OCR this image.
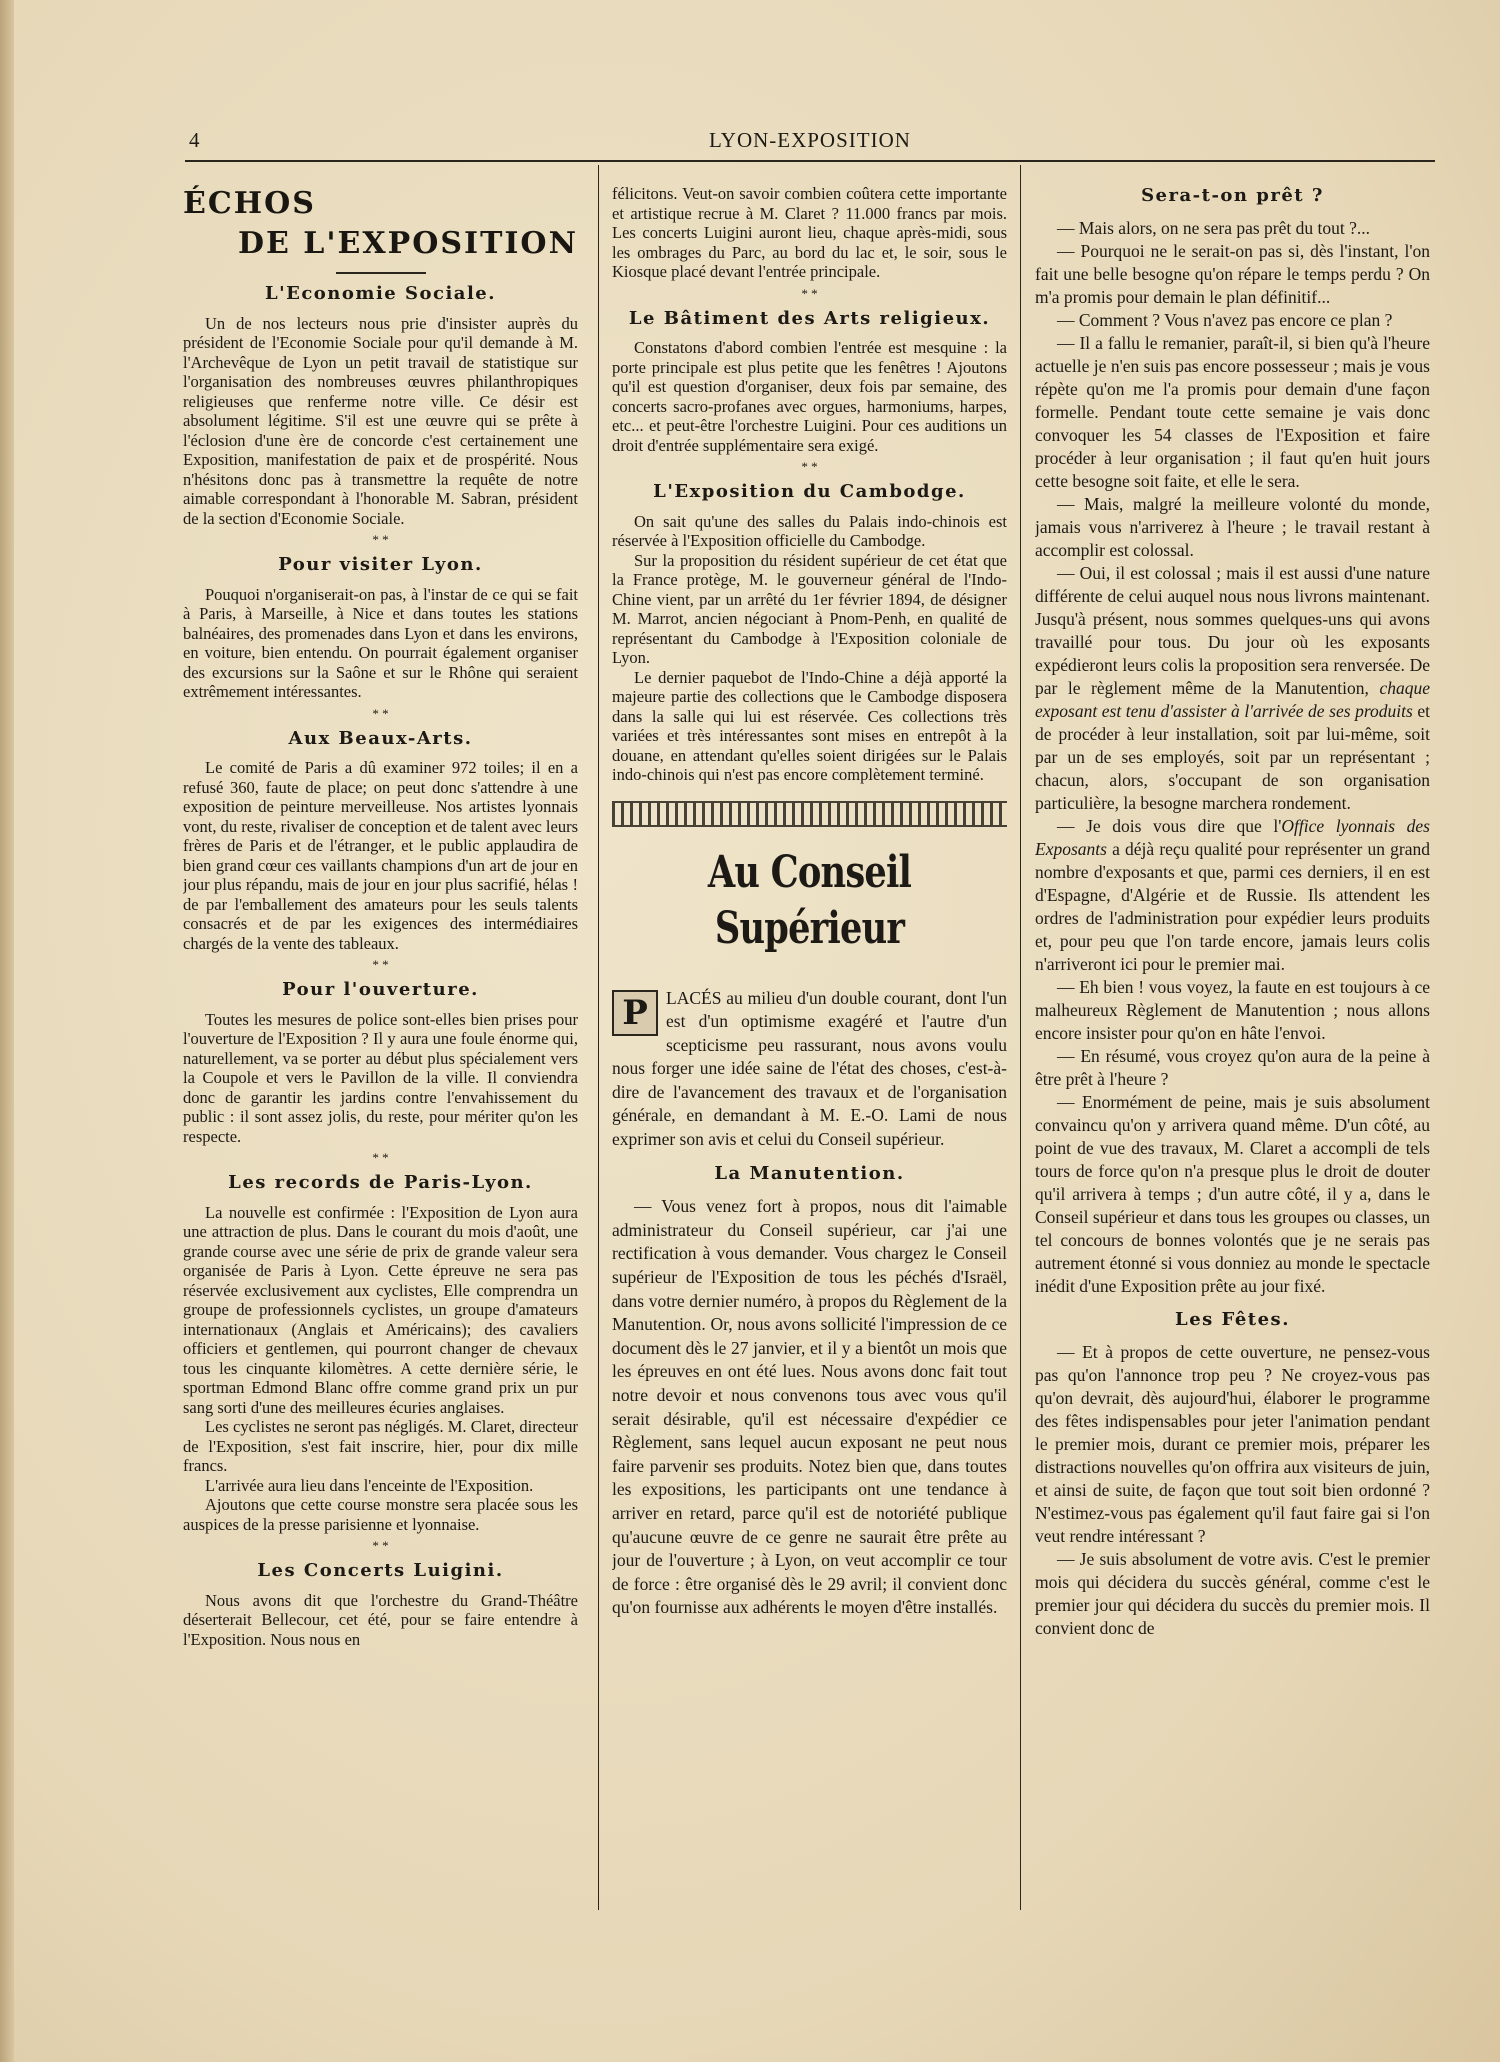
4	LYON-EXPOSITION
ÉCHOS
DE L'EXPOSITION
L'Economie Sociale.

Un de nos lecteurs nous prie d'insister auprès du président de l'Economie Sociale pour qu'il demande à M. l'Archevêque de Lyon un petit travail de statistique sur l'organisation des nombreuses œuvres philanthropiques religieuses que renferme notre ville. Ce désir est absolument légitime. S'il est une œuvre qui se prête à l'éclosion d'une ère de concorde c'est certainement une Exposition, manifestation de paix et de prospérité. Nous n'hésitons donc pas à transmettre la requête de notre aimable correspondant à l'honorable M. Sabran, président de la section d'Economie Sociale.

* *
Pour visiter Lyon.

Pouquoi n'organiserait-on pas, à l'instar de ce qui se fait à Paris, à Marseille, à Nice et dans toutes les stations balnéaires, des promenades dans Lyon et dans les environs, en voiture, bien entendu. On pourrait également organiser des excursions sur la Saône et sur le Rhône qui seraient extrêmement intéressantes.

* *
Aux Beaux-Arts.

Le comité de Paris a dû examiner 972 toiles; il en a refusé 360, faute de place; on peut donc s'attendre à une exposition de peinture merveilleuse. Nos artistes lyonnais vont, du reste, rivaliser de conception et de talent avec leurs frères de Paris et de l'étranger, et le public applaudira de bien grand cœur ces vaillants champions d'un art de jour en jour plus répandu, mais de jour en jour plus sacrifié, hélas ! de par l'emballement des amateurs pour les seuls talents consacrés et de par les exigences des intermédiaires chargés de la vente des tableaux.

* *
Pour l'ouverture.

Toutes les mesures de police sont-elles bien prises pour l'ouverture de l'Exposition ? Il y aura une foule énorme qui, naturellement, va se porter au début plus spécialement vers la Coupole et vers le Pavillon de la ville. Il conviendra donc de garantir les jardins contre l'envahissement du public : il sont assez jolis, du reste, pour mériter qu'on les respecte.

* *
Les records de Paris-Lyon.

La nouvelle est confirmée : l'Exposition de Lyon aura une attraction de plus. Dans le courant du mois d'août, une grande course avec une série de prix de grande valeur sera organisée de Paris à Lyon. Cette épreuve ne sera pas réservée exclusivement aux cyclistes, Elle comprendra un groupe de professionnels cyclistes, un groupe d'amateurs internationaux (Anglais et Américains); des cavaliers officiers et gentlemen, qui pourront changer de chevaux tous les cinquante kilomètres. A cette dernière série, le sportman Edmond Blanc offre comme grand prix un pur sang sorti d'une des meilleures écuries anglaises.

Les cyclistes ne seront pas négligés. M. Claret, directeur de l'Exposition, s'est fait inscrire, hier, pour dix mille francs.

L'arrivée aura lieu dans l'enceinte de l'Exposition.

Ajoutons que cette course monstre sera placée sous les auspices de la presse parisienne et lyonnaise.

* *
Les Concerts Luigini.

Nous avons dit que l'orchestre du Grand-Théâtre déserterait Bellecour, cet été, pour se faire entendre à l'Exposition. Nous nous en

félicitons. Veut-on savoir combien coûtera cette importante et artistique recrue à M. Claret ? 11.000 francs par mois. Les concerts Luigini auront lieu, chaque après-midi, sous les ombrages du Parc, au bord du lac et, le soir, sous le Kiosque placé devant l'entrée principale.

* *
Le Bâtiment des Arts religieux.

Constatons d'abord combien l'entrée est mesquine : la porte principale est plus petite que les fenêtres ! Ajoutons qu'il est question d'organiser, deux fois par semaine, des concerts sacro-profanes avec orgues, harmoniums, harpes, etc... et peut-être l'orchestre Luigini. Pour ces auditions un droit d'entrée supplémentaire sera exigé.

* *
L'Exposition du Cambodge.

On sait qu'une des salles du Palais indo-chinois est réservée à l'Exposition officielle du Cambodge.

Sur la proposition du résident supérieur de cet état que la France protège, M. le gouverneur général de l'Indo-Chine vient, par un arrêté du 1er février 1894, de désigner M. Marrot, ancien négociant à Pnom-Penh, en qualité de représentant du Cambodge à l'Exposition coloniale de Lyon.

Le dernier paquebot de l'Indo-Chine a déjà apporté la majeure partie des collections que le Cambodge disposera dans la salle qui lui est réservée. Ces collections très variées et très intéressantes sont mises en entrepôt à la douane, en attendant qu'elles soient dirigées sur le Palais indo-chinois qui n'est pas encore complètement terminé.

Au Conseil Supérieur

P	LACÉS au milieu d'un double courant, dont l'un est d'un optimisme exagéré et l'autre d'un scepticisme peu rassurant, nous avons voulu nous forger une idée saine de l'état des choses, c'est-à-dire de l'avancement des travaux et de l'organisation générale, en demandant à M. E.-O. Lami de nous exprimer son avis et celui du Conseil supérieur.

La Manutention.

— Vous venez fort à propos, nous dit l'aimable administrateur du Conseil supérieur, car j'ai une rectification à vous demander. Vous chargez le Conseil supérieur de l'Exposition de tous les péchés d'Israël, dans votre dernier numéro, à propos du Règlement de la Manutention. Or, nous avons sollicité l'impression de ce document dès le 27 janvier, et il y a bientôt un mois que les épreuves en ont été lues. Nous avons donc fait tout notre devoir et nous convenons tous avec vous qu'il serait désirable, qu'il est nécessaire d'expédier ce Règlement, sans lequel aucun exposant ne peut nous faire parvenir ses produits. Notez bien que, dans toutes les expositions, les participants ont une tendance à arriver en retard, parce qu'il est de notoriété publique qu'aucune œuvre de ce genre ne saurait être prête au jour de l'ouverture ; à Lyon, on veut accomplir ce tour de force : être organisé dès le 29 avril; il convient donc qu'on fournisse aux adhérents le moyen d'être installés.

Sera-t-on prêt ?

— Mais alors, on ne sera pas prêt du tout ?...

— Pourquoi ne le serait-on pas si, dès l'instant, l'on fait une belle besogne qu'on répare le temps perdu ? On m'a promis pour demain le plan définitif...

— Comment ? Vous n'avez pas encore ce plan ?

— Il a fallu le remanier, paraît-il, si bien qu'à l'heure actuelle je n'en suis pas encore possesseur ; mais je vous répète qu'on me l'a promis pour demain d'une façon formelle. Pendant toute cette semaine je vais donc convoquer les 54 classes de l'Exposition et faire procéder à leur organisation ; il faut qu'en huit jours cette besogne soit faite, et elle le sera.

— Mais, malgré la meilleure volonté du monde, jamais vous n'arriverez à l'heure ; le travail restant à accomplir est colossal.

— Oui, il est colossal ; mais il est aussi d'une nature différente de celui auquel nous nous livrons maintenant. Jusqu'à présent, nous sommes quelques-uns qui avons travaillé pour tous. Du jour où les exposants expédieront leurs colis la proposition sera renversée. De par le règlement même de la Manutention, chaque exposant est tenu d'assister à l'arrivée de ses produits et de procéder à leur installation, soit par lui-même, soit par un de ses employés, soit par un représentant ; chacun, alors, s'occupant de son organisation particulière, la besogne marchera rondement.

— Je dois vous dire que l'Office lyonnais des Exposants a déjà reçu qualité pour représenter un grand nombre d'exposants et que, parmi ces derniers, il en est d'Espagne, d'Algérie et de Russie. Ils attendent les ordres de l'administration pour expédier leurs produits et, pour peu que l'on tarde encore, jamais leurs colis n'arriveront ici pour le premier mai.

— Eh bien ! vous voyez, la faute en est toujours à ce malheureux Règlement de Manutention ; nous allons encore insister pour qu'on en hâte l'envoi.

— En résumé, vous croyez qu'on aura de la peine à être prêt à l'heure ?

— Enormément de peine, mais je suis absolument convaincu qu'on y arrivera quand même. D'un côté, au point de vue des travaux, M. Claret a accompli de tels tours de force qu'on n'a presque plus le droit de douter qu'il arrivera à temps ; d'un autre côté, il y a, dans le Conseil supérieur et dans tous les groupes ou classes, un tel concours de bonnes volontés que je ne serais pas autrement étonné si vous donniez au monde le spectacle inédit d'une Exposition prête au jour fixé.

Les Fêtes.

— Et à propos de cette ouverture, ne pensez-vous pas qu'on l'annonce trop peu ? Ne croyez-vous pas qu'on devrait, dès aujourd'hui, élaborer le programme des fêtes indispensables pour jeter l'animation pendant le premier mois, durant ce premier mois, préparer les distractions nouvelles qu'on offrira aux visiteurs de juin, et ainsi de suite, de façon que tout soit bien ordonné ? N'estimez-vous pas également qu'il faut faire gai si l'on veut rendre intéressant ?

— Je suis absolument de votre avis. C'est le premier mois qui décidera du succès général, comme c'est le premier jour qui décidera du succès du premier mois. Il convient donc de
